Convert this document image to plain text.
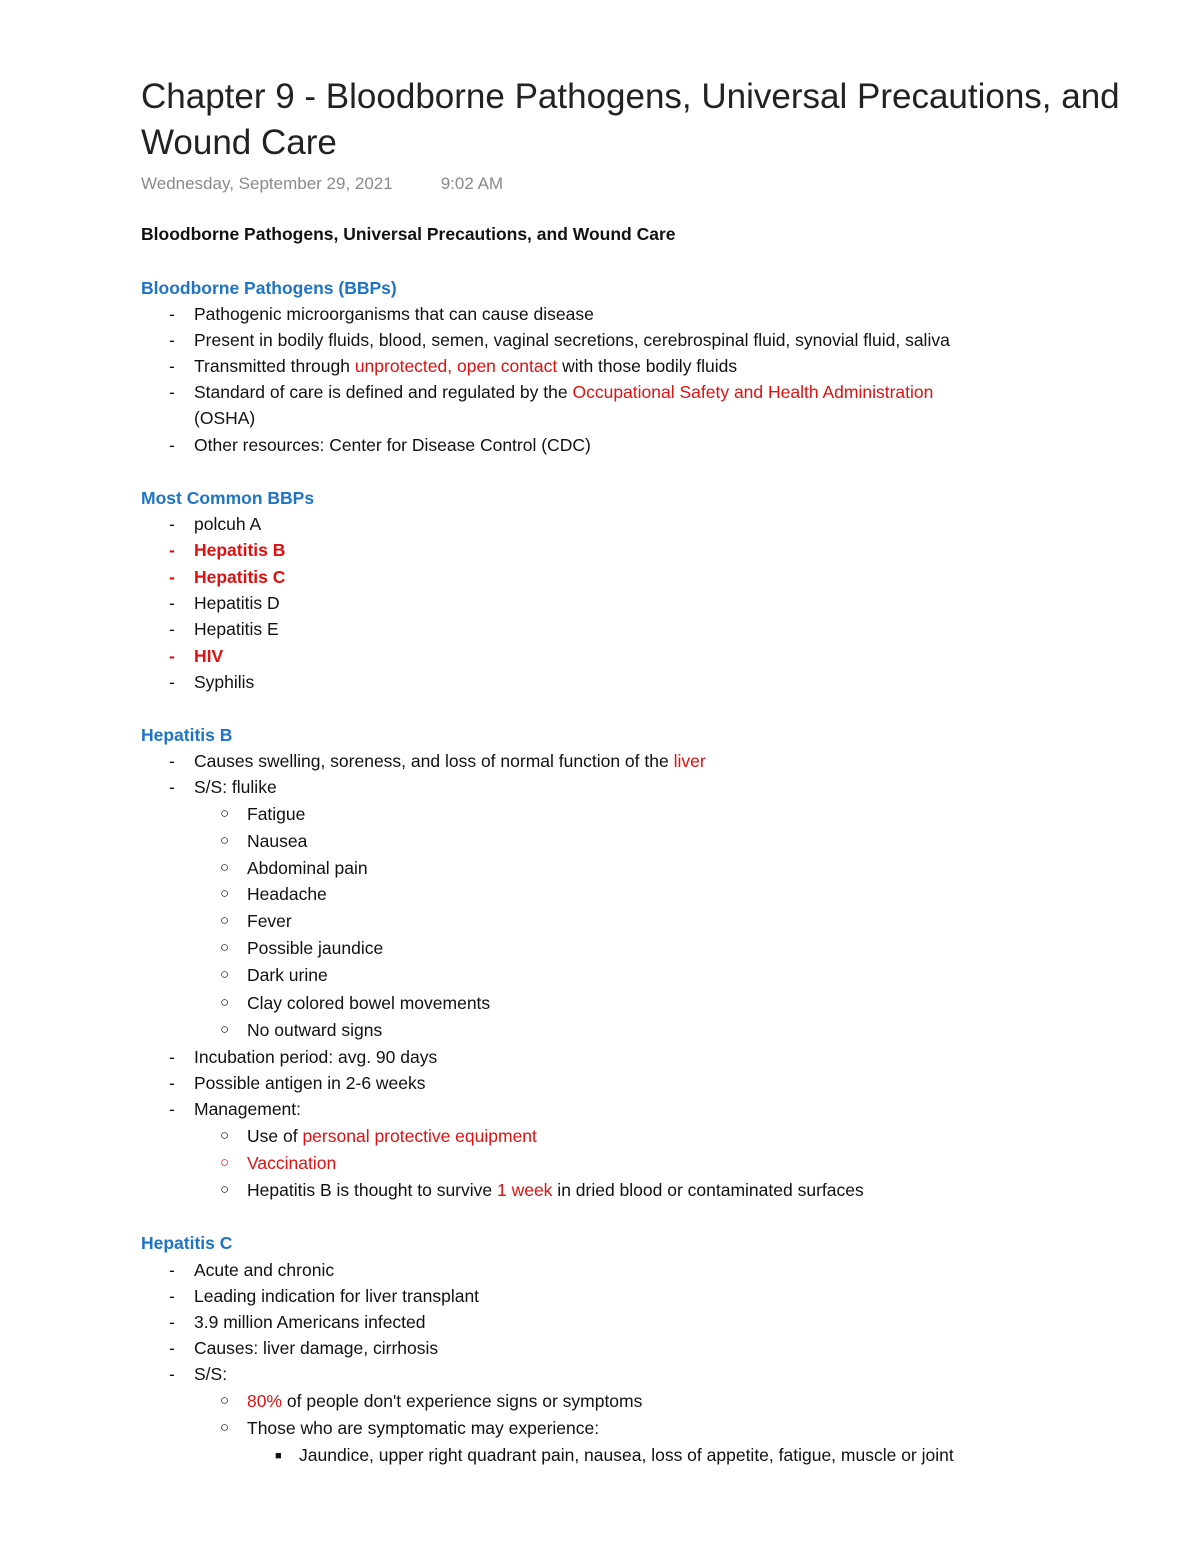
Chapter 9 - Bloodborne Pathogens, Universal Precautions, and Wound Care
Wednesday, September 29, 2021	9:02 AM
Bloodborne Pathogens, Universal Precautions, and Wound Care
Bloodborne Pathogens (BBPs)
- Pathogenic microorganisms that can cause disease
- Present in bodily fluids, blood, semen, vaginal secretions, cerebrospinal fluid, synovial fluid, saliva
- Transmitted through unprotected, open contact with those bodily fluids
- Standard of care is defined and regulated by the Occupational Safety and Health Administration
(OSHA)
- Other resources: Center for Disease Control (CDC)
Most Common BBPs
- polcuh A
- Hepatitis B
- Hepatitis C
- Hepatitis D
- Hepatitis E
- HIV
- Syphilis
Hepatitis B
- Causes swelling, soreness, and loss of normal function of the liver
- S/S: flulike
○ Fatigue
○ Nausea
○ Abdominal pain
○ Headache
○ Fever
○ Possible jaundice
○ Dark urine
○ Clay colored bowel movements
○ No outward signs
- Incubation period: avg. 90 days
- Possible antigen in 2-6 weeks
- Management:
○ Use of personal protective equipment
○ Vaccination
○ Hepatitis B is thought to survive 1 week in dried blood or contaminated surfaces
Hepatitis C
- Acute and chronic
- Leading indication for liver transplant
- 3.9 million Americans infected
- Causes: liver damage, cirrhosis
- S/S:
○ 80% of people don't experience signs or symptoms
○ Those who are symptomatic may experience:
■ Jaundice, upper right quadrant pain, nausea, loss of appetite, fatigue, muscle or joint
